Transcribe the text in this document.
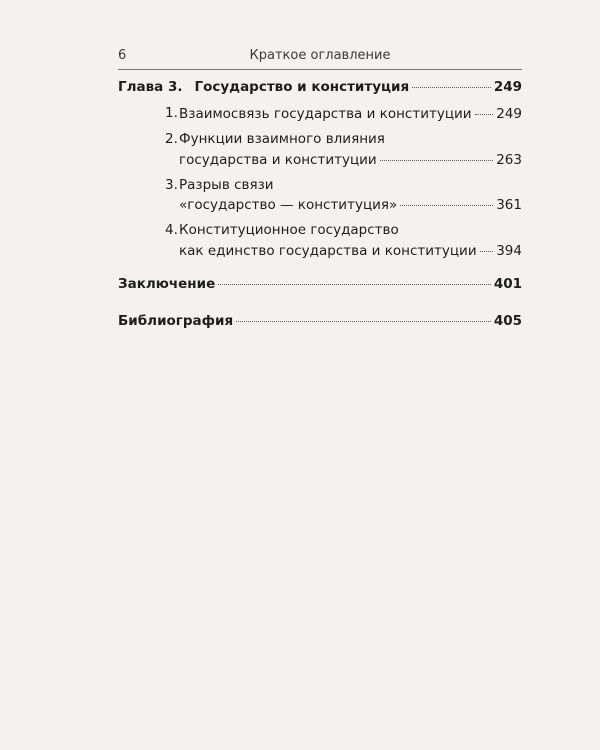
6	Краткое оглавление
Глава 3. Государство и конституция	249
1. Взаимосвязь государства и конституции 249
2. Функции взаимного влияния
государства и конституции	263
3. Разрыв связи
«государство — конституция»	361
4. Конституционное государство
как единство государства и конституции 394
Заключение	401
Библиография	405
